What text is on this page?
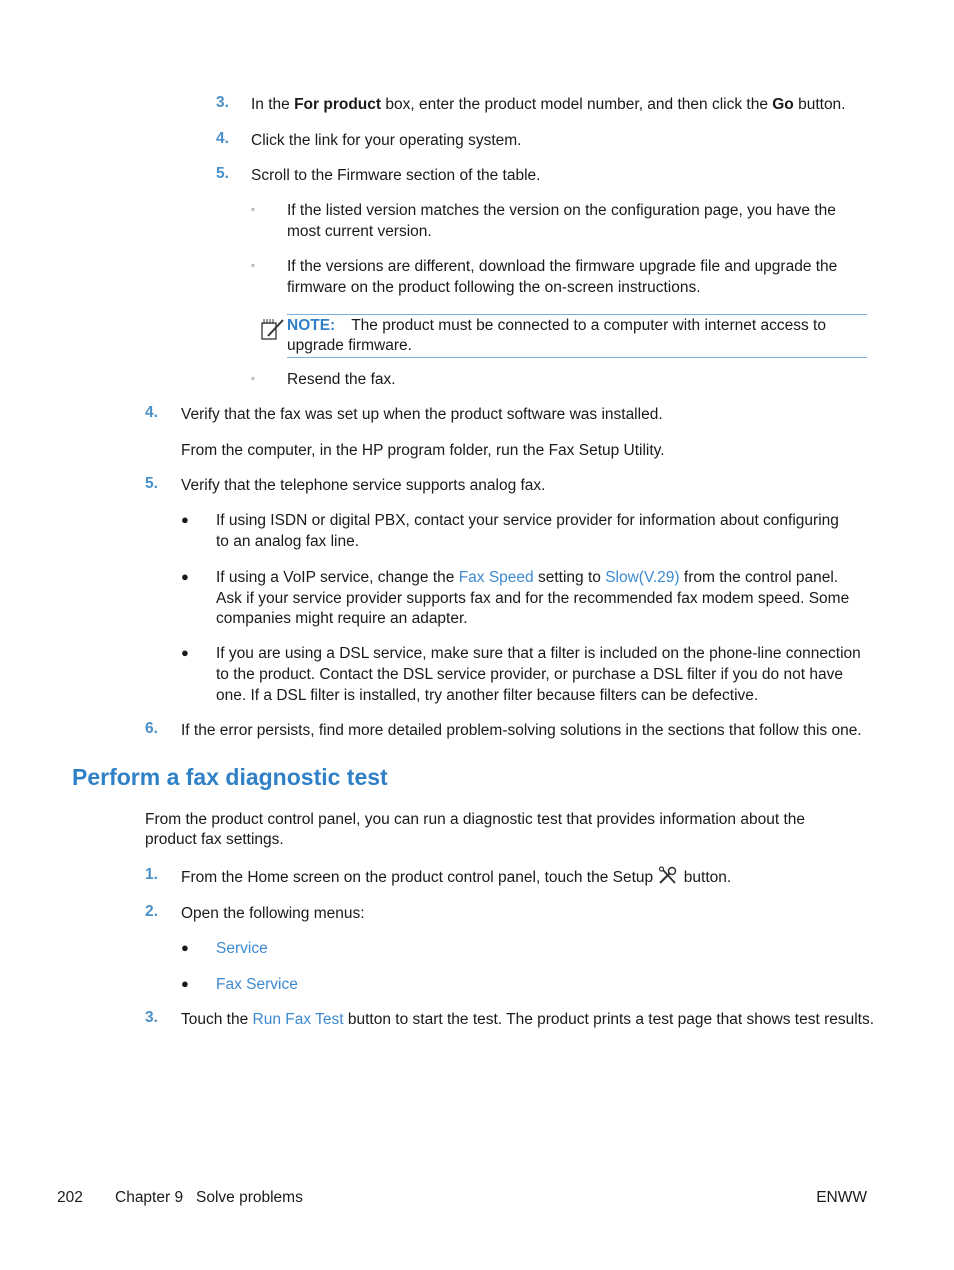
3. In the For product box, enter the product model number, and then click the Go button.
4. Click the link for your operating system.
5. Scroll to the Firmware section of the table.
◦ If the listed version matches the version on the configuration page, you have the
most current version.
◦ If the versions are different, download the firmware upgrade file and upgrade the
firmware on the product following the on-screen instructions.
NOTE: The product must be connected to a computer with internet access to
upgrade firmware.
◦ Resend the fax.
4. Verify that the fax was set up when the product software was installed.
From the computer, in the HP program folder, run the Fax Setup Utility.
5. Verify that the telephone service supports analog fax.
● If using ISDN or digital PBX, contact your service provider for information about configuring
to an analog fax line.
● If using a VoIP service, change the Fax Speed setting to Slow(V.29) from the control panel.
Ask if your service provider supports fax and for the recommended fax modem speed. Some
companies might require an adapter.
● If you are using a DSL service, make sure that a filter is included on the phone-line connection
to the product. Contact the DSL service provider, or purchase a DSL filter if you do not have
one. If a DSL filter is installed, try another filter because filters can be defective.
6. If the error persists, find more detailed problem-solving solutions in the sections that follow this one.
Perform a fax diagnostic test
From the product control panel, you can run a diagnostic test that provides information about the
product fax settings.
1. From the Home screen on the product control panel, touch the Setup  button.
2. Open the following menus:
● Service
● Fax Service
3. Touch the Run Fax Test button to start the test. The product prints a test page that shows test results.
202 Chapter 9   Solve problems	ENWW
